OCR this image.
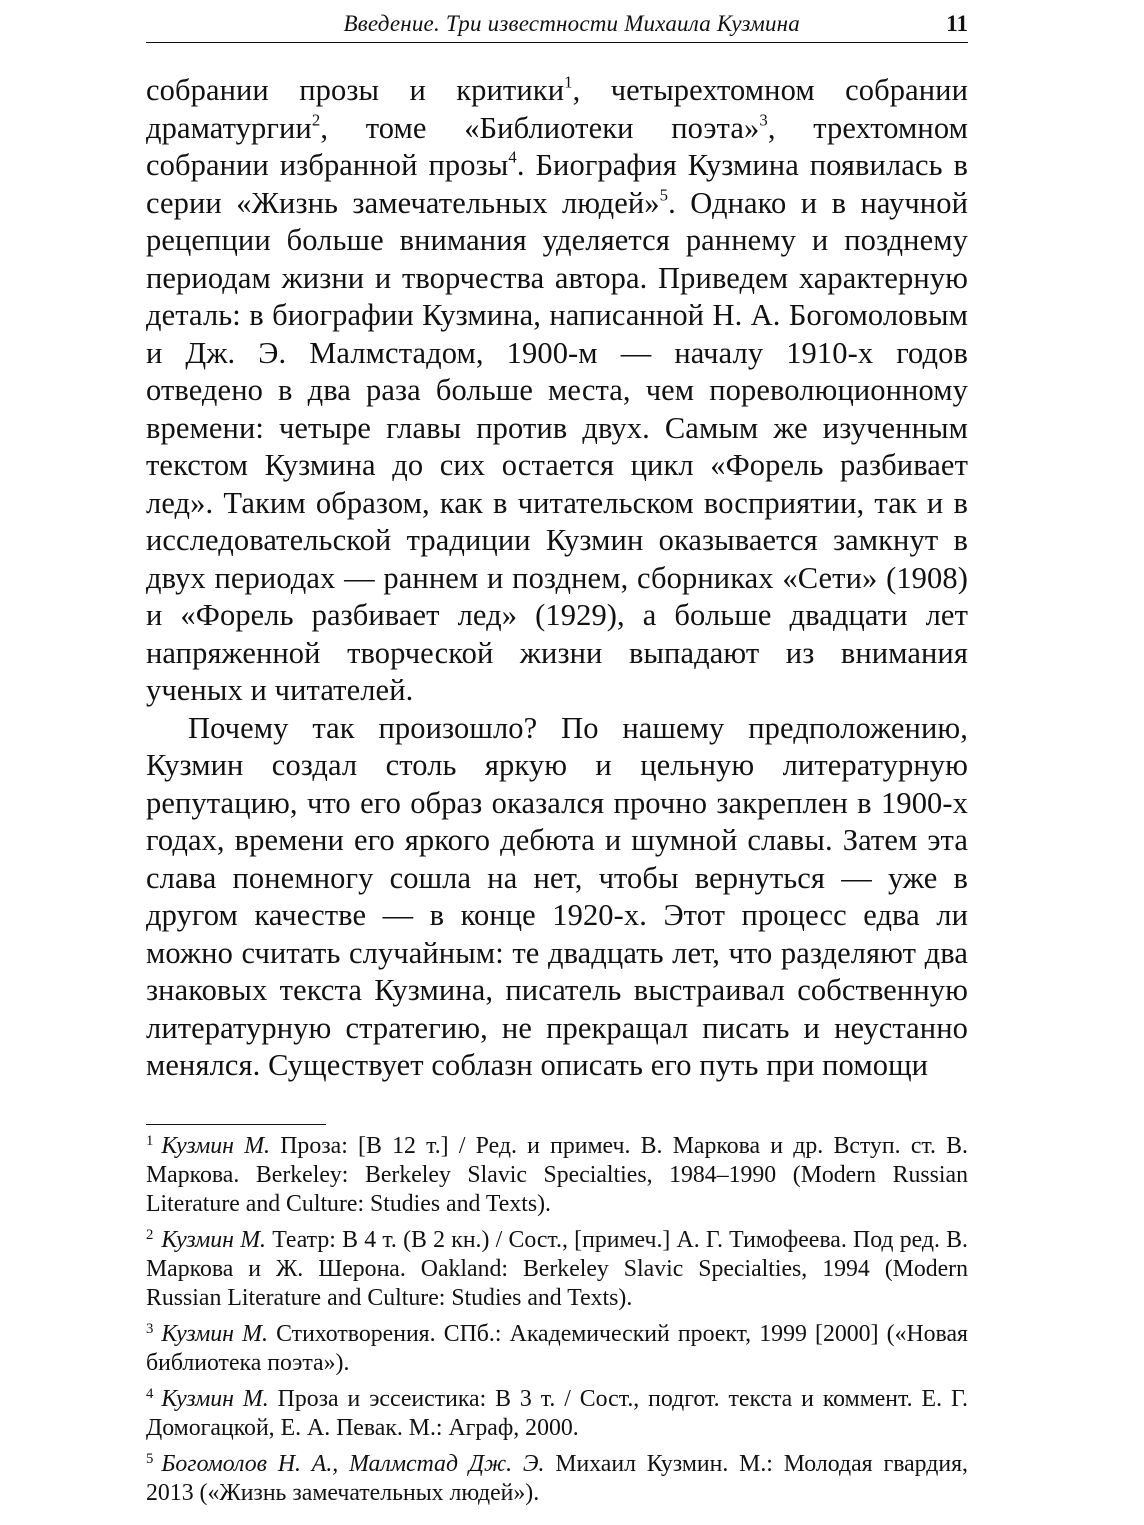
Введение. Три известности Михаила Кузмина	11

собрании прозы и критики$^1$, четырехтомном собрании драматургии$^2$, томе «Библиотеки поэта»$^3$, трехтомном собрании избранной прозы$^4$. Биография Кузмина появилась в серии «Жизнь замечательных людей»$^5$. Однако и в научной рецепции больше внимания уделяется раннему и позднему периодам жизни и творчества автора. Приведем характерную деталь: в биографии Кузмина, написанной Н. А. Богомоловым и Дж. Э. Малмстадом, 1900-м — началу 1910-х годов отведено в два раза больше места, чем пореволюционному времени: четыре главы против двух. Самым же изученным текстом Кузмина до сих остается цикл «Форель разбивает лед». Таким образом, как в читательском восприятии, так и в исследовательской традиции Кузмин оказывается замкнут в двух периодах — раннем и позднем, сборниках «Сети» (1908) и «Форель разбивает лед» (1929), а больше двадцати лет напряженной творческой жизни выпадают из внимания ученых и читателей.

Почему так произошло? По нашему предположению, Кузмин создал столь яркую и цельную литературную репутацию, что его образ оказался прочно закреплен в 1900-х годах, времени его яркого дебюта и шумной славы. Затем эта слава понемногу сошла на нет, чтобы вернуться — уже в другом качестве — в конце 1920-х. Этот процесс едва ли можно считать случайным: те двадцать лет, что разделяют два знаковых текста Кузмина, писатель выстраивал собственную литературную стратегию, не прекращал писать и неустанно менялся. Существует соблазн описать его путь при помощи

1 Кузмин М. Проза: [В 12 т.] / Ред. и примеч. В. Маркова и др. Вступ. ст. В. Маркова. Berkeley: Berkeley Slavic Specialties, 1984–1990 (Modern Russian Literature and Culture: Studies and Texts).

2 Кузмин М. Театр: В 4 т. (В 2 кн.) / Сост., [примеч.] А. Г. Тимофеева. Под ред. В. Маркова и Ж. Шерона. Oakland: Berkeley Slavic Specialties, 1994 (Modern Russian Literature and Culture: Studies and Texts).

3 Кузмин М. Стихотворения. СПб.: Академический проект, 1999 [2000] («Новая библиотека поэта»).

4 Кузмин М. Проза и эссеистика: В 3 т. / Сост., подгот. текста и коммент. Е. Г. Домогацкой, Е. А. Певак. М.: Аграф, 2000.

5 Богомолов Н. А., Малмстад Дж. Э. Михаил Кузмин. М.: Молодая гвардия, 2013 («Жизнь замечательных людей»).
